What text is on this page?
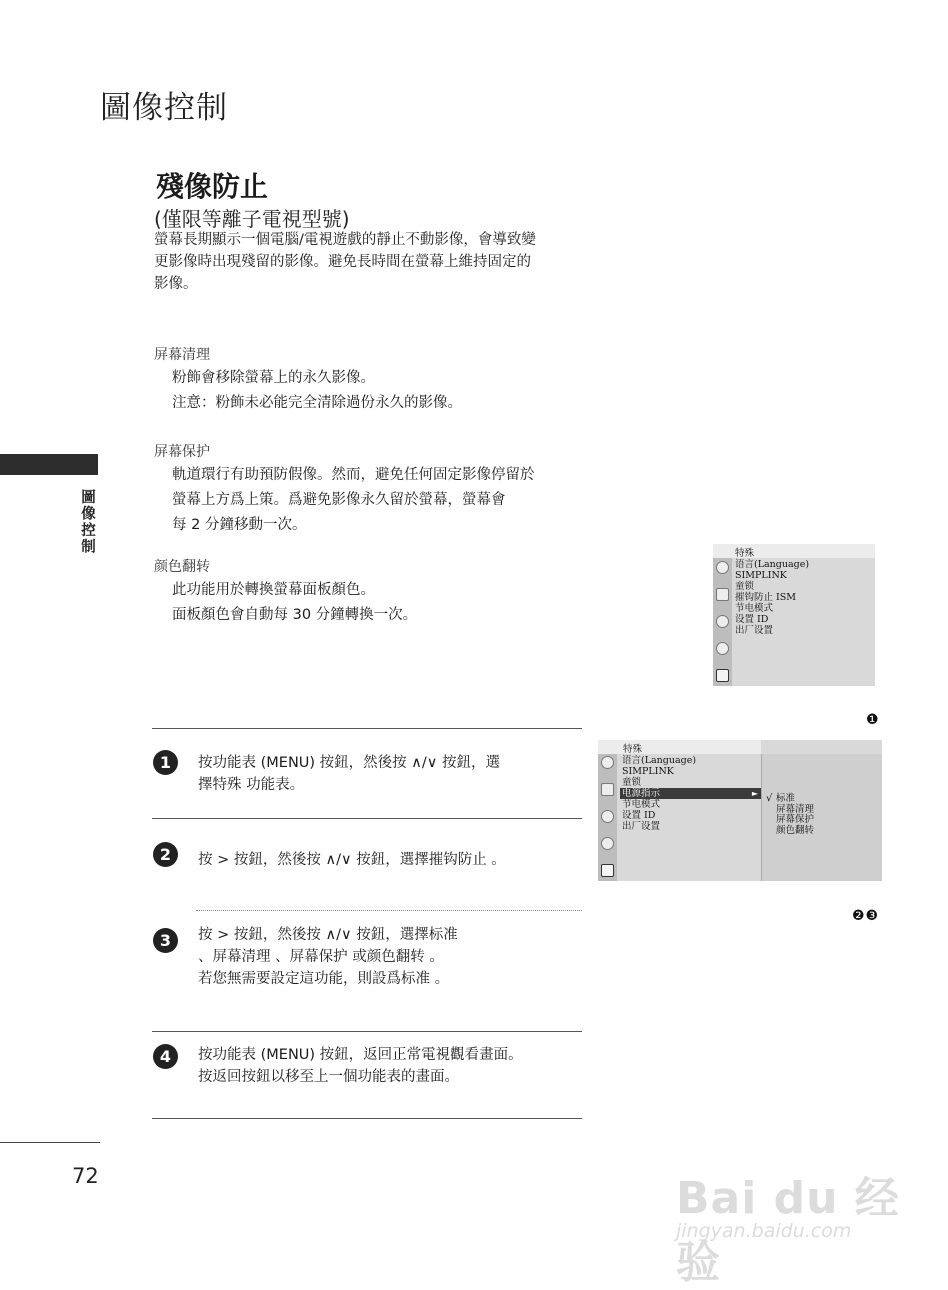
圖像控制
圖像控制
殘像防止
(僅限等離子電視型號)
螢幕長期顯示一個電腦/電視遊戲的靜止不動影像，會導致變
更影像時出現殘留的影像。避免長時間在螢幕上維持固定的
影像。
屏幕清理
粉飾會移除螢幕上的永久影像。
注意：粉飾未必能完全清除過份永久的影像。
屏幕保护
軌道環行有助預防假像。然而，避免任何固定影像停留於
螢幕上方爲上策。爲避免影像永久留於螢幕，螢幕會
每 2 分鐘移動一次。
颜色翻转
此功能用於轉換螢幕面板顏色。
面板顏色會自動每 30 分鐘轉換一次。
特殊
语言(Language)
SIMPLINK
童锁
摧钩防止 ISM
节电模式
设置 ID
出厂设置
❶
1	按功能表 (MENU) 按鈕，然後按 ∧/∨ 按鈕，選
擇特殊 功能表。
2	按 > 按鈕，然後按 ∧/∨ 按鈕，選擇摧钩防止 。
3	按 > 按鈕，然後按 ∧/∨ 按鈕，選擇标准
、屏幕清理 、屏幕保护 或颜色翻转 。
若您無需要設定這功能，則設爲标准 。
4	按功能表 (MENU) 按鈕，返回正常電視觀看畫面。
按返回按鈕以移至上一個功能表的畫面。
特殊
语言(Language)
SIMPLINK
童锁
电源指示	►
节电模式
设置 ID
出厂设置
√ 标准
屏幕清理
屏幕保护
颜色翻转
❷❸
72	Bai du 经验
jingyan.baidu.com
